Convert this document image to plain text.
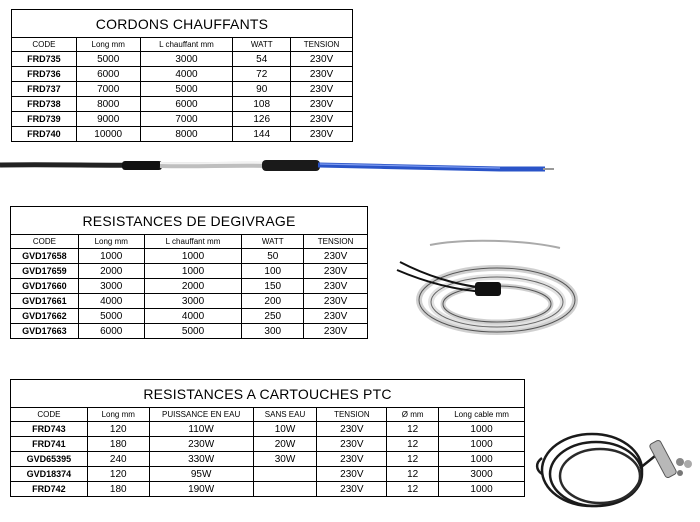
CORDONS CHAUFFANTS				
CODE	Long mm	L chauffant mm	WATT	TENSION
FRD735	5000	3000	54	230V
FRD736	6000	4000	72	230V
FRD737	7000	5000	90	230V
FRD738	8000	6000	108	230V
FRD739	9000	7000	126	230V
FRD740	10000	8000	144	230V
RESISTANCES DE DEGIVRAGE				
CODE	Long mm	L chauffant mm	WATT	TENSION
GVD17658	1000	1000	50	230V
GVD17659	2000	1000	100	230V
GVD17660	3000	2000	150	230V
GVD17661	4000	3000	200	230V
GVD17662	5000	4000	250	230V
GVD17663	6000	5000	300	230V
RESISTANCES A CARTOUCHES PTC						
CODE	Long mm	PUISSANCE EN EAU	SANS EAU	TENSION	Ø mm	Long cable mm
FRD743	120	110W	10W	230V	12	1000
FRD741	180	230W	20W	230V	12	1000
GVD65395	240	330W	30W	230V	12	1000
GVD18374	120	95W		230V	12	3000
FRD742	180	190W		230V	12	1000
